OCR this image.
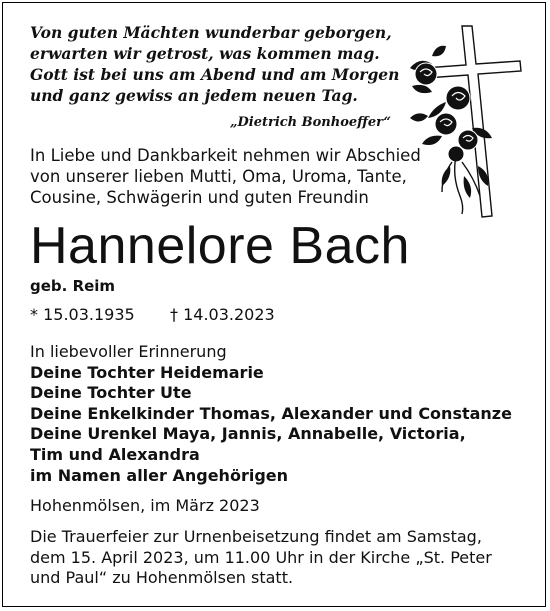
Von guten Mächten wunderbar geborgen,
erwarten wir getrost, was kommen mag.
Gott ist bei uns am Abend und am Morgen
und ganz gewiss an jedem neuen Tag.
„Dietrich Bonhoeffer“
In Liebe und Dankbarkeit nehmen wir Abschied
von unserer lieben Mutti, Oma, Uroma, Tante,
Cousine, Schwägerin und guten Freundin
Hannelore Bach
geb. Reim
* 15.03.1935 † 14.03.2023
In liebevoller Erinnerung
Deine Tochter Heidemarie
Deine Tochter Ute
Deine Enkelkinder Thomas, Alexander und Constanze
Deine Urenkel Maya, Jannis, Annabelle, Victoria,
Tim und Alexandra
im Namen aller Angehörigen
Hohenmölsen, im März 2023
Die Trauerfeier zur Urnenbeisetzung findet am Samstag,
dem 15. April 2023, um 11.00 Uhr in der Kirche „St. Peter
und Paul“ zu Hohenmölsen statt.
